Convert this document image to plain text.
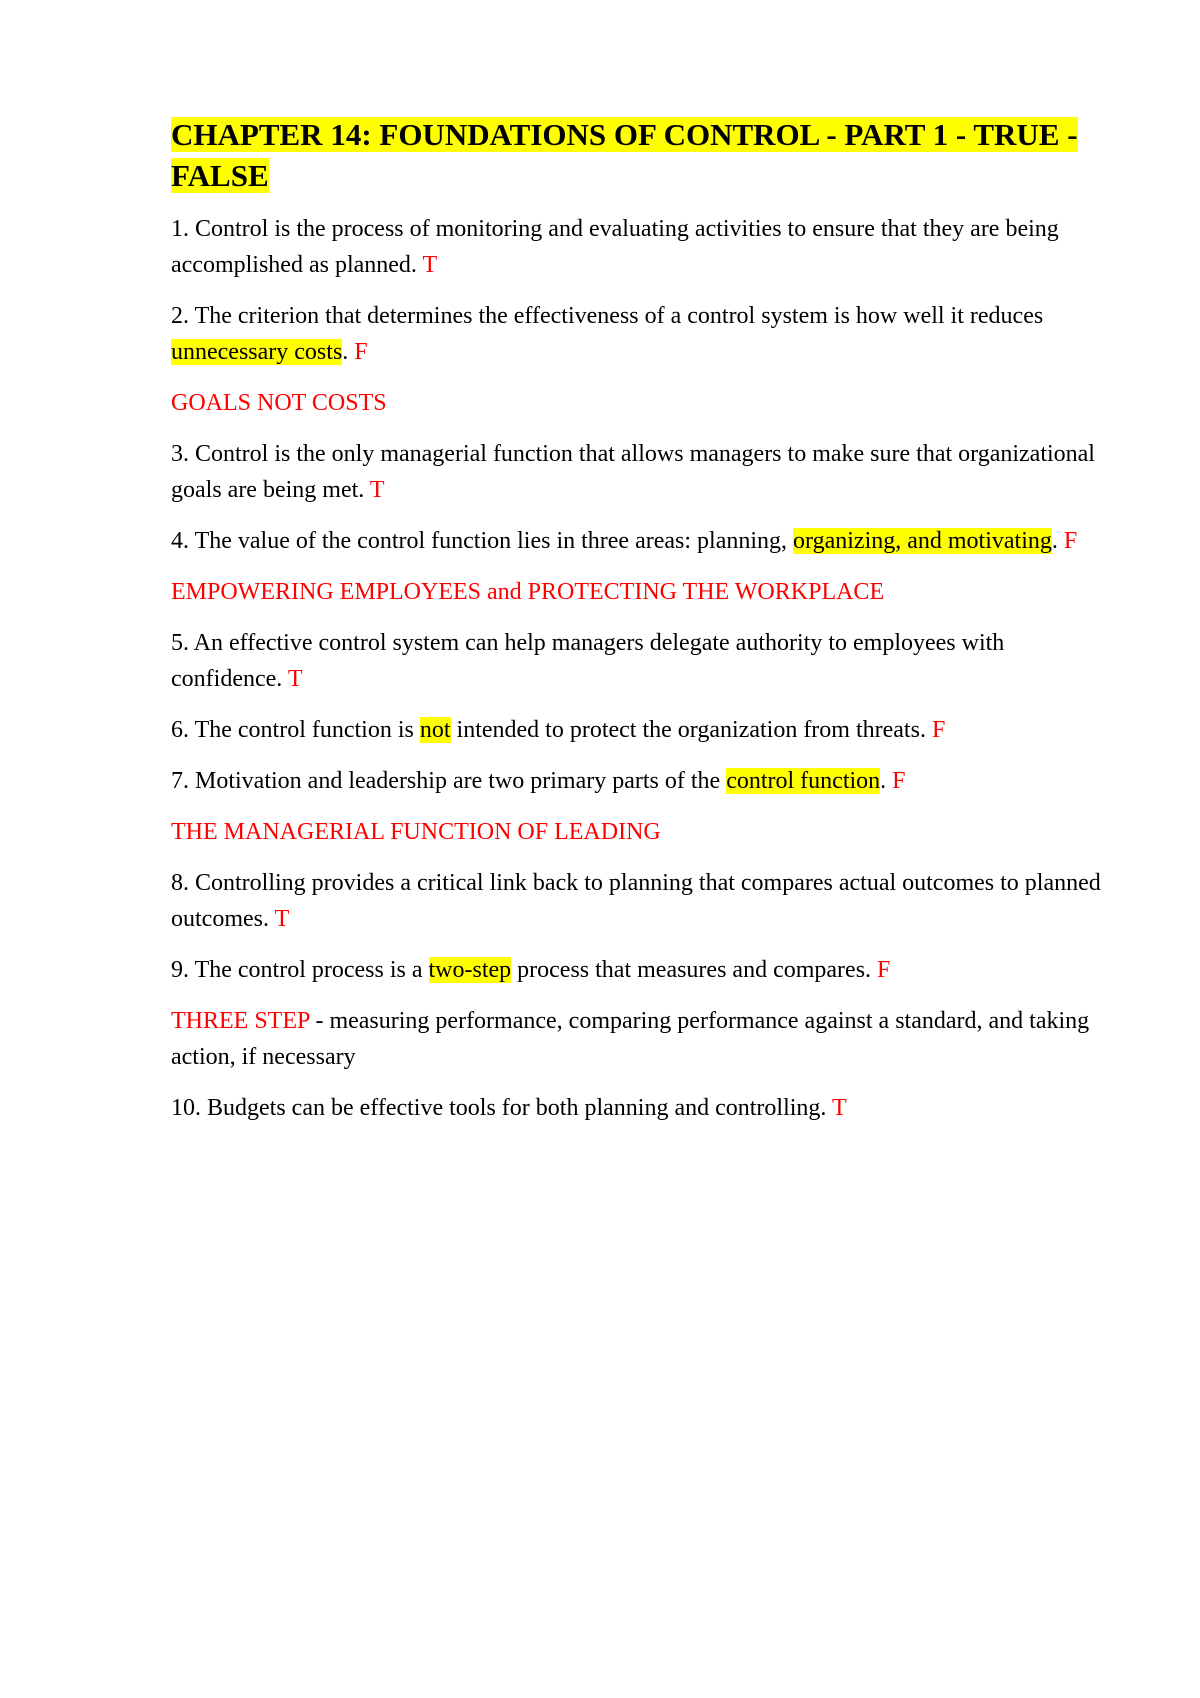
CHAPTER 14: FOUNDATIONS OF CONTROL - PART 1 - TRUE - FALSE
1. Control is the process of monitoring and evaluating activities to ensure that they are being accomplished as planned. T
2. The criterion that determines the effectiveness of a control system is how well it reduces unnecessary costs. F
GOALS NOT COSTS
3. Control is the only managerial function that allows managers to make sure that organizational goals are being met. T
4. The value of the control function lies in three areas: planning, organizing, and motivating. F
EMPOWERING EMPLOYEES and PROTECTING THE WORKPLACE
5. An effective control system can help managers delegate authority to employees with confidence. T
6. The control function is not intended to protect the organization from threats. F
7. Motivation and leadership are two primary parts of the control function. F
THE MANAGERIAL FUNCTION OF LEADING
8. Controlling provides a critical link back to planning that compares actual outcomes to planned outcomes. T
9. The control process is a two-step process that measures and compares. F
THREE STEP - measuring performance, comparing performance against a standard, and taking action, if necessary
10. Budgets can be effective tools for both planning and controlling. T
